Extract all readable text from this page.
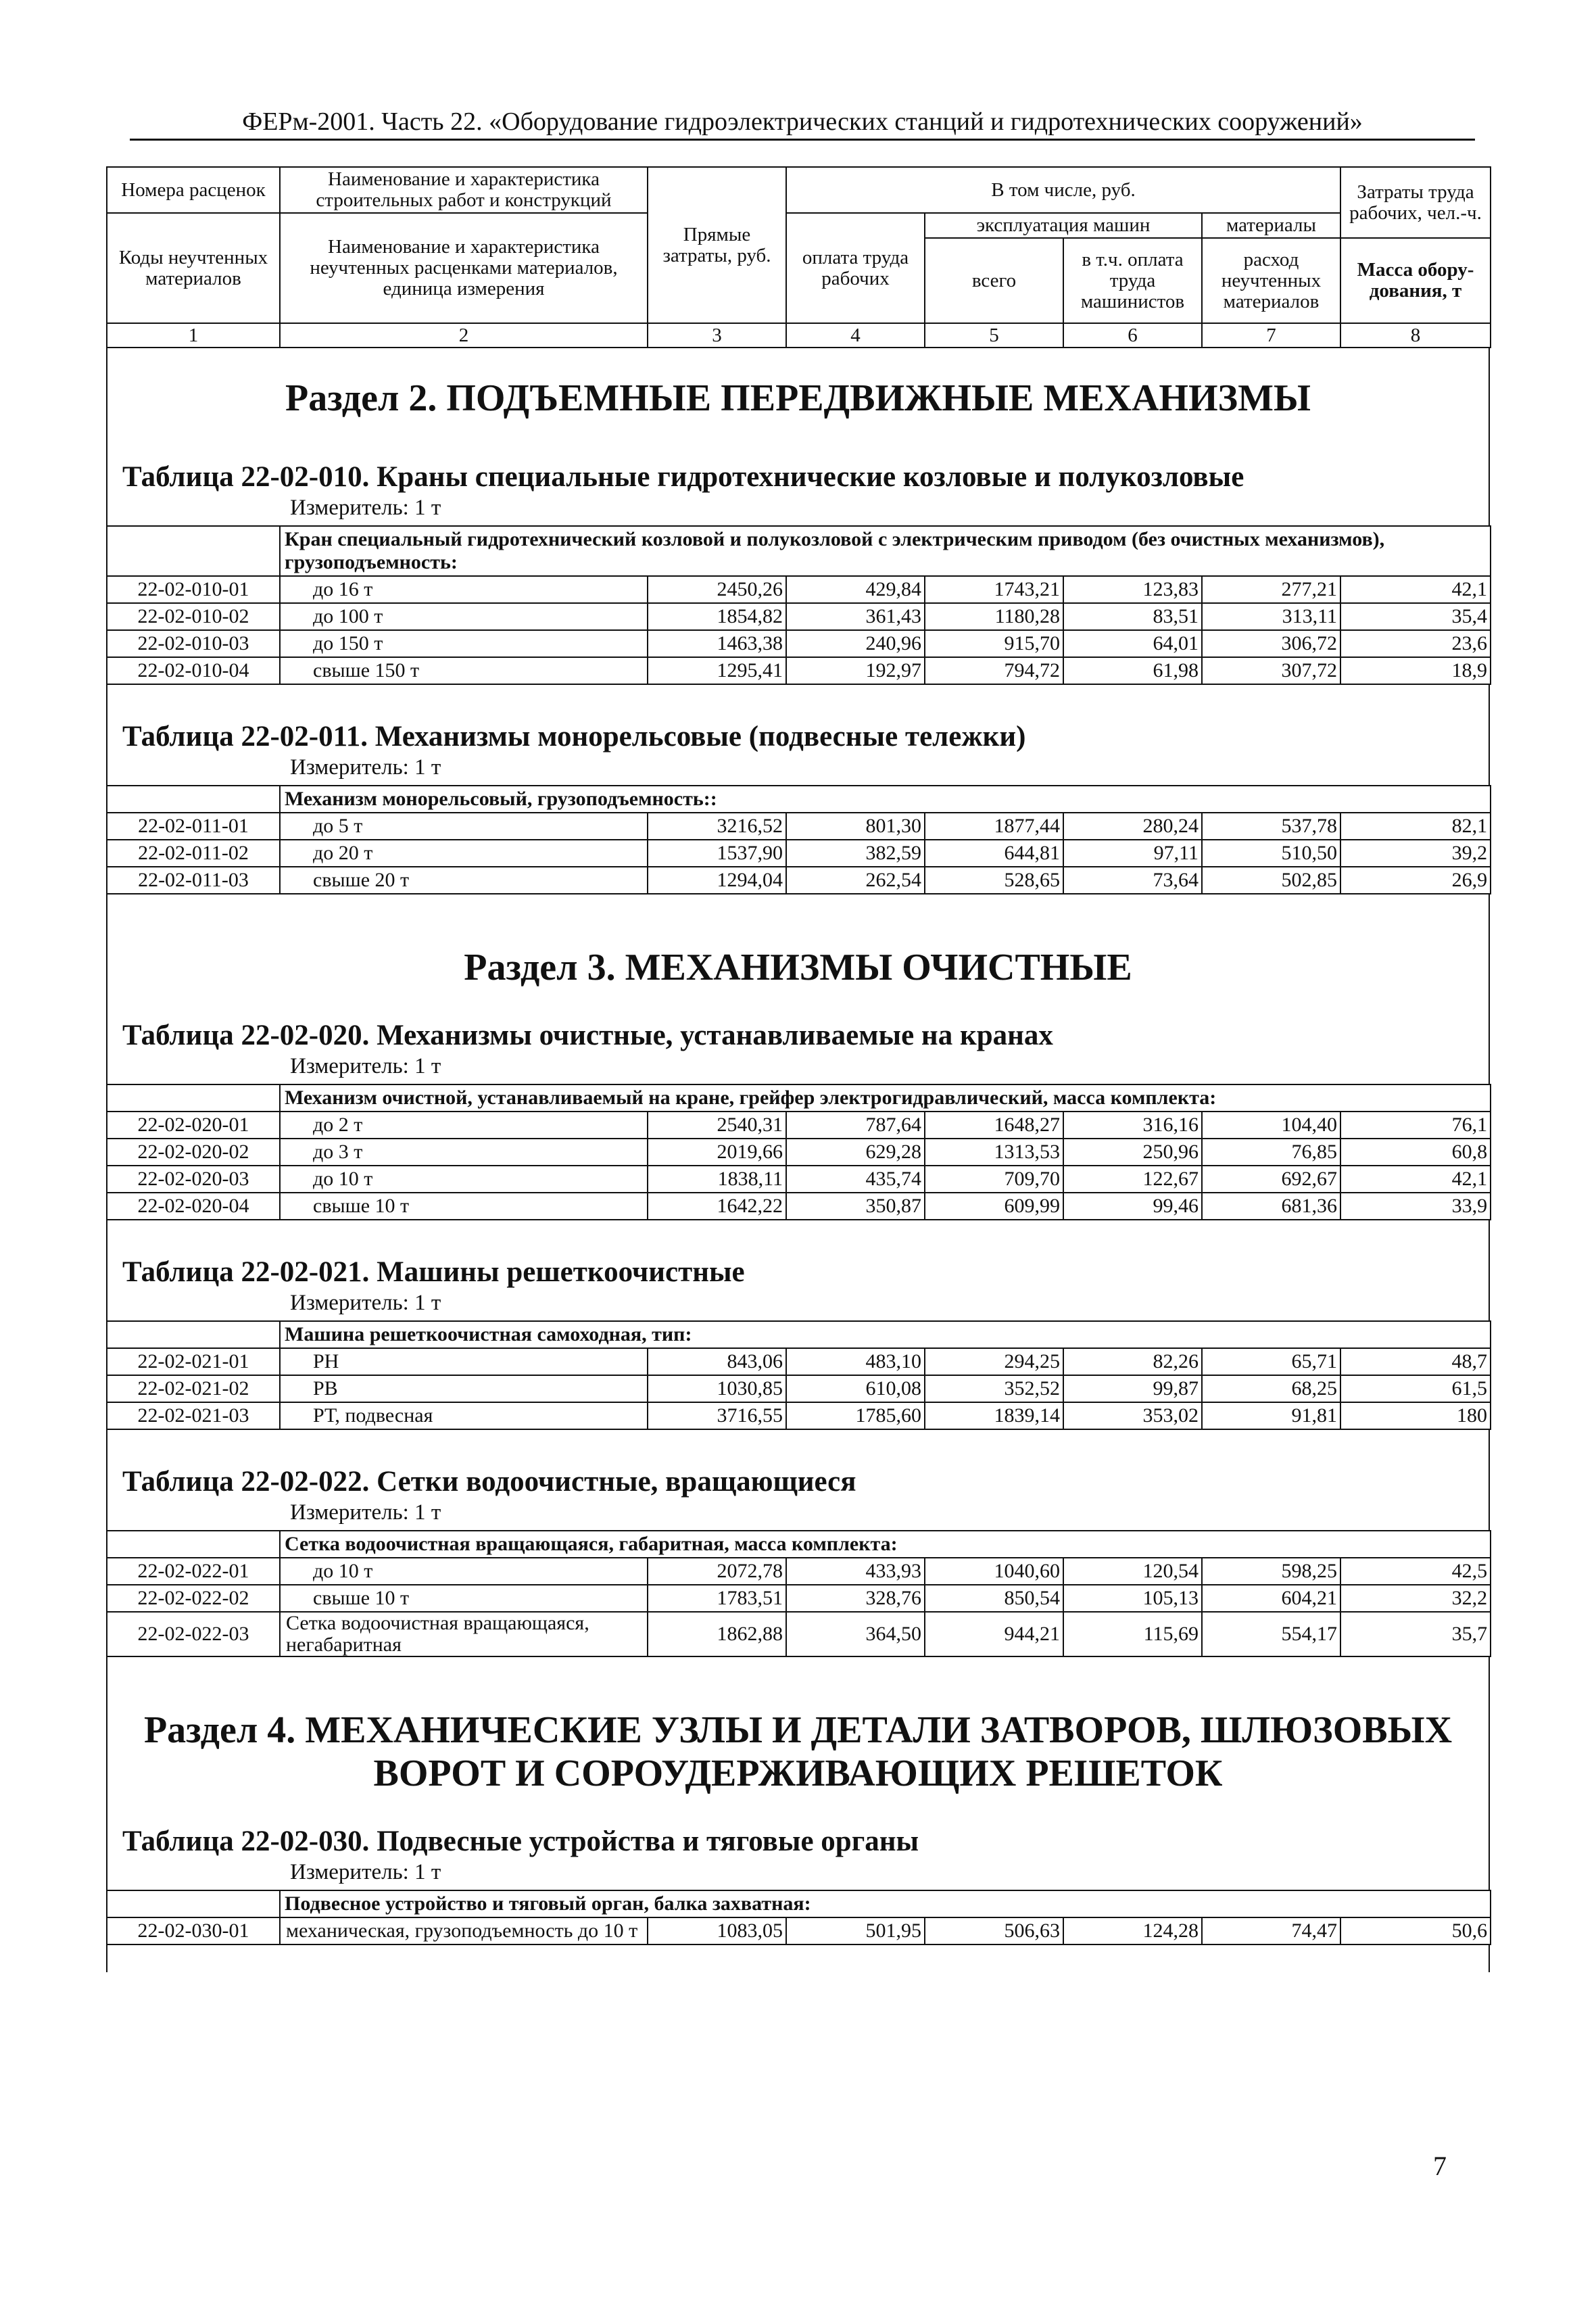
ФЕРм-2001. Часть 22. «Оборудование гидроэлектрических станций и гидротехнических сооружений»
Номера расценок	Наименование и характеристика строительных работ и конструкций	Прямые затраты, руб.	В том числе, руб.				Затраты труда рабочих, чел.-ч.
Коды неучтенных материалов	Наименование и характеристика неучтенных расценками материалов, единица измерения		оплата труда рабочих	эксплуатация машин		материалы	
				всего	в т.ч. оплата труда машинистов	расход неучтенных материалов	
							Масса обору-дования, т
1	2	3	4	5	6	7	8
Раздел 2. ПОДЪЕМНЫЕ ПЕРЕДВИЖНЫЕ МЕХАНИЗМЫ
Таблица 22-02-010. Краны специальные гидротехнические козловые и полукозловые
Измеритель: 1 т
	Кран специальный гидротехнический козловой и полукозловой с электрическим приводом (без очистных механизмов), грузоподъемность:						
22-02-010-01	до 16 т	2450,26	429,84	1743,21	123,83	277,21	42,1
22-02-010-02	до 100 т	1854,82	361,43	1180,28	83,51	313,11	35,4
22-02-010-03	до 150 т	1463,38	240,96	915,70	64,01	306,72	23,6
22-02-010-04	свыше 150 т	1295,41	192,97	794,72	61,98	307,72	18,9
Таблица 22-02-011. Механизмы монорельсовые (подвесные тележки)
Измеритель: 1 т
	Механизм монорельсовый, грузоподъемность::						
22-02-011-01	до 5 т	3216,52	801,30	1877,44	280,24	537,78	82,1
22-02-011-02	до 20 т	1537,90	382,59	644,81	97,11	510,50	39,2
22-02-011-03	свыше 20 т	1294,04	262,54	528,65	73,64	502,85	26,9
Раздел 3. МЕХАНИЗМЫ ОЧИСТНЫЕ
Таблица 22-02-020. Механизмы очистные, устанавливаемые на кранах
Измеритель: 1 т
	Механизм очистной, устанавливаемый на кране, грейфер электрогидравлический, масса комплекта:						
22-02-020-01	до 2 т	2540,31	787,64	1648,27	316,16	104,40	76,1
22-02-020-02	до 3 т	2019,66	629,28	1313,53	250,96	76,85	60,8
22-02-020-03	до 10 т	1838,11	435,74	709,70	122,67	692,67	42,1
22-02-020-04	свыше 10 т	1642,22	350,87	609,99	99,46	681,36	33,9
Таблица 22-02-021. Машины решеткоочистные
Измеритель: 1 т
	Машина решеткоочистная самоходная, тип:						
22-02-021-01	РН	843,06	483,10	294,25	82,26	65,71	48,7
22-02-021-02	РВ	1030,85	610,08	352,52	99,87	68,25	61,5
22-02-021-03	РТ, подвесная	3716,55	1785,60	1839,14	353,02	91,81	180
Таблица 22-02-022. Сетки водоочистные, вращающиеся
Измеритель: 1 т
	Сетка водоочистная вращающаяся, габаритная, масса комплекта:						
22-02-022-01	до 10 т	2072,78	433,93	1040,60	120,54	598,25	42,5
22-02-022-02	свыше 10 т	1783,51	328,76	850,54	105,13	604,21	32,2
22-02-022-03	Сетка водоочистная вращающаяся, негабаритная	1862,88	364,50	944,21	115,69	554,17	35,7
Раздел 4. МЕХАНИЧЕСКИЕ УЗЛЫ И ДЕТАЛИ ЗАТВОРОВ, ШЛЮЗОВЫХ ВОРОТ И СОРОУДЕРЖИВАЮЩИХ РЕШЕТОК
Таблица 22-02-030. Подвесные устройства и тяговые органы
Измеритель: 1 т
	Подвесное устройство и тяговый орган, балка захватная:						
22-02-030-01	механическая, грузоподъемность до 10 т	1083,05	501,95	506,63	124,28	74,47	50,6
7
